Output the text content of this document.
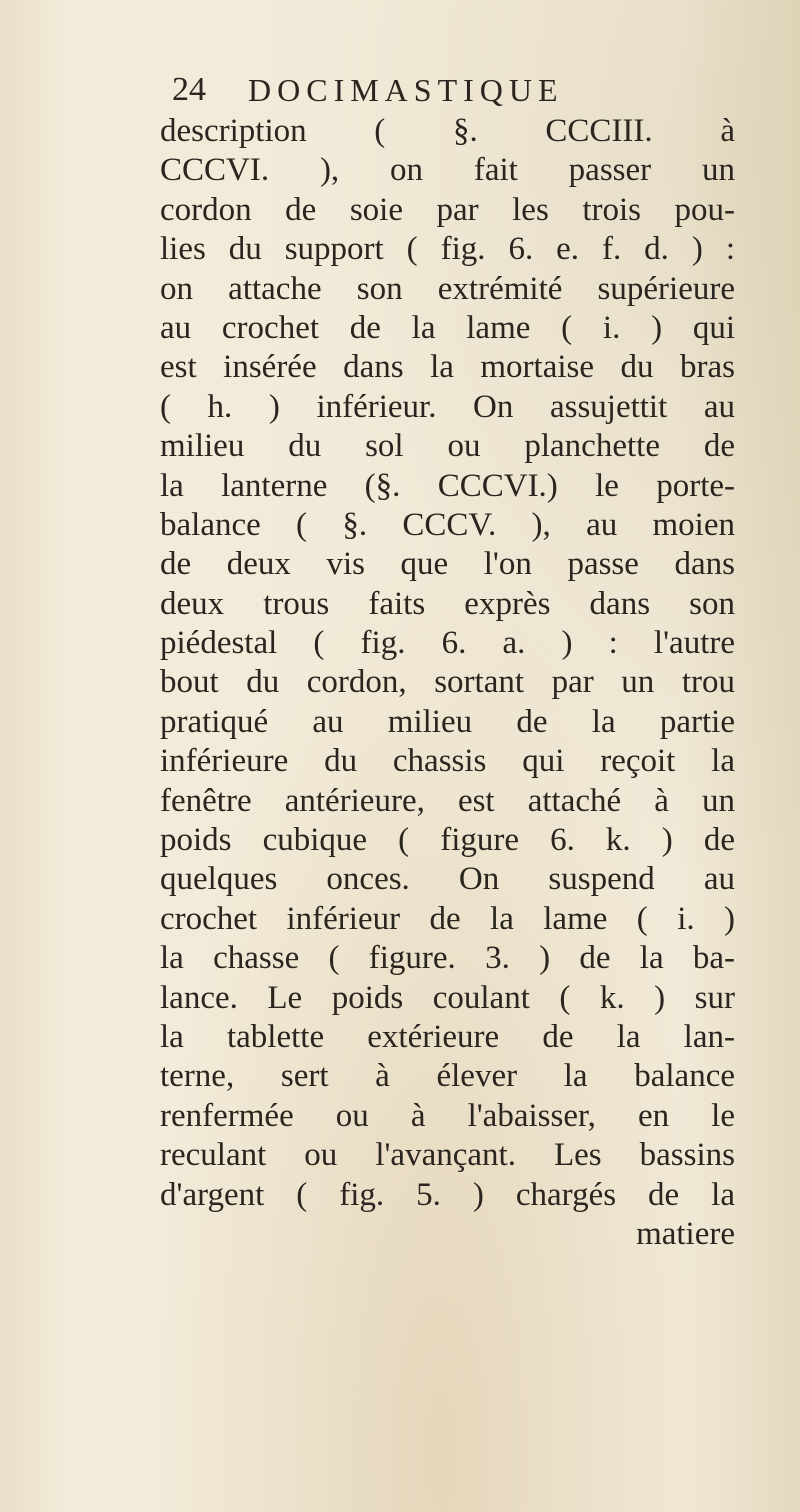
24 DOCIMASTIQUE
description ( §. CCCIII. à
CCCVI. ), on fait passer un
cordon de soie par les trois pou-
lies du support ( fig. 6. e. f. d. ) :
on attache son extrémité supérieure
au crochet de la lame ( i. ) qui
est insérée dans la mortaise du bras
( h. ) inférieur. On assujettit au
milieu du sol ou planchette de
la lanterne (§. CCCVI.) le porte-
balance ( §. CCCV. ), au moien
de deux vis que l'on passe dans
deux trous faits exprès dans son
piédestal ( fig. 6. a. ) : l'autre
bout du cordon, sortant par un trou
pratiqué au milieu de la partie
inférieure du chassis qui reçoit la
fenêtre antérieure, est attaché à un
poids cubique ( figure 6. k. ) de
quelques onces. On suspend au
crochet inférieur de la lame ( i. )
la chasse ( figure. 3. ) de la ba-
lance. Le poids coulant ( k. ) sur
la tablette extérieure de la lan-
terne, sert à élever la balance
renfermée ou à l'abaisser, en le
reculant ou l'avançant. Les bassins
d'argent ( fig. 5. ) chargés de la
matiere
